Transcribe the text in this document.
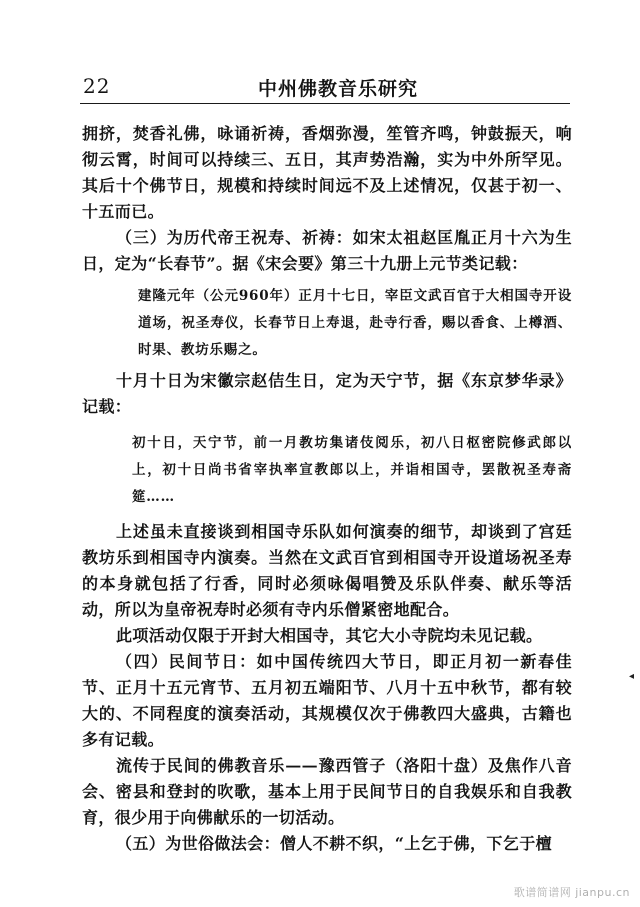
22	中州佛教音乐研究

拥挤，焚香礼佛，咏诵祈祷，香烟弥漫，笙管齐鸣，钟鼓振天，响彻云霄，时间可以持续三、五日，其声势浩瀚，实为中外所罕见。其后十个佛节日，规模和持续时间远不及上述情况，仅甚于初一、十五而已。

（三）为历代帝王祝寿、祈祷：如宋太祖赵匡胤正月十六为生日，定为“长春节”。据《宋会要》第三十九册上元节类记载：

建隆元年（公元960年）正月十七日，宰臣文武百官于大相国寺开设道场，祝圣寿仪，长春节日上寿退，赴寺行香，赐以香食、上樽酒、时果、教坊乐赐之。

十月十日为宋徽宗赵佶生日，定为天宁节，据《东京梦华录》记载：

初十日，天宁节，前一月教坊集诸伎阅乐，初八日枢密院修武郎以上，初十日尚书省宰执率宣教郎以上，并诣相国寺，罢散祝圣寿斋筵……

上述虽未直接谈到相国寺乐队如何演奏的细节，却谈到了宫廷教坊乐到相国寺内演奏。当然在文武百官到相国寺开设道场祝圣寿的本身就包括了行香，同时必须咏偈唱赞及乐队伴奏、献乐等活动，所以为皇帝祝寿时必须有寺内乐僧紧密地配合。

此项活动仅限于开封大相国寺，其它大小寺院均未见记载。

（四）民间节日：如中国传统四大节日，即正月初一新春佳节、正月十五元宵节、五月初五端阳节、八月十五中秋节，都有较大的、不同程度的演奏活动，其规模仅次于佛教四大盛典，古籍也多有记载。

流传于民间的佛教音乐——豫西管子（洛阳十盘）及焦作八音会、密县和登封的吹歌，基本上用于民间节日的自我娱乐和自我教育，很少用于向佛献乐的一切活动。

（五）为世俗做法会：僧人不耕不织，“上乞于佛，下乞于檀

◂
歌谱简谱网 jianpu.cn
